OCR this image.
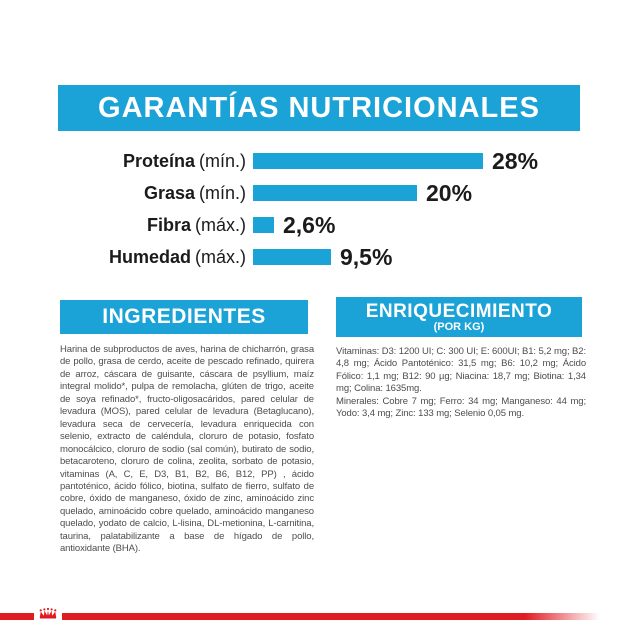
GARANTÍAS NUTRICIONALES
Proteína (mín.)	28%
Grasa (mín.)	20%
Fibra (máx.) 2,6%
Humedad (máx.)	9,5%
INGREDIENTES	ENRIQUECIMIENTO
(POR KG)
Harina de subproductos de aves, harina de chicharrón, grasa de pollo, grasa de cerdo, aceite de pescado refinado, quirera de arroz, cáscara de guisante, cáscara de psyllium, maíz integral molido*, pulpa de remolacha, glúten de trigo, aceite de soya refinado*, fructo-oligosacáridos, pared celular de levadura (MOS), pared celular de levadura (Betaglucano), levadura seca de cervecería, levadura enriquecida con selenio, extracto de caléndula, cloruro de potasio, fosfato monocálcico, cloruro de sodio (sal común), butirato de sodio, betacaroteno, cloruro de colina, zeolita, sorbato de potasio, vitaminas (A, C, E, D3, B1, B2, B6, B12, PP) , ácido pantoténico, ácido fólico, biotina, sulfato de fierro, sulfato de cobre, óxido de manganeso, óxido de zinc, aminoácido zinc quelado, aminoácido cobre quelado, aminoácido manganeso quelado, yodato de calcio, L-lisina, DL-metionina, L-carnitina, taurina, palatabilizante a base de hígado de pollo, antioxidante (BHA).

Vitaminas: D3: 1200 UI; C: 300 UI; E: 600UI; B1: 5,2 mg; B2: 4,8 mg; Ácido Pantoténico: 31,5 mg; B6: 10,2 mg; Ácido Fólico: 1,1 mg; B12: 90 µg; Niacina: 18,7 mg; Biotina: 1,34 mg; Colina: 1635mg.

Minerales: Cobre 7 mg; Ferro: 34 mg; Manganeso: 44 mg; Yodo: 3,4 mg; Zinc: 133 mg; Selenio 0,05 mg.
